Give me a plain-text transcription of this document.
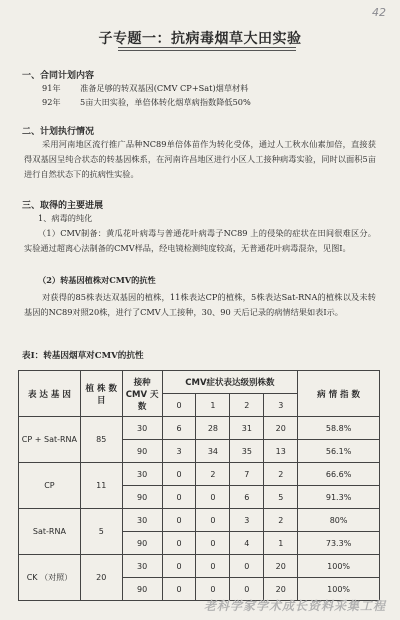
42
子专题一：抗病毒烟草大田实验
一、合同计划内容
91年 准备足够的转双基因(CMV CP+Sat)烟草材料
92年 5亩大田实验，单倍体转化烟草病指数降低50%
二、计划执行情况
采用河南地区流行推广品种NC89单倍体苗作为转化受体，通过人工秋水仙素加倍，直接获得双基因呈纯合状态的转基因株系，在河南许昌地区进行小区人工接种病毒实验，同时以面积5亩进行自然状态下的抗病性实验。
三、取得的主要进展
1、病毒的纯化
（1）CMV制备：黄瓜花叶病毒与普通花叶病毒子NC89 上的侵染的症状在田间很难区分。实验通过超离心法制备的CMV样品，经电镜检测纯度较高，无普通花叶病毒混杂，见图Ⅰ。
（2）转基因植株对CMV的抗性
对获得的85株表达双基因的植株，11株表达CP的植株，5株表达Sat-RNA的植株以及未转基因的NC89对照20株，进行了CMV人工接种，30、90 天后记录的病情结果如表Ⅰ示。
表Ⅰ：转基因烟草对CMV的抗性
表 达 基 因	植 株 数 目	接种 CMV 天数	CMV症状表达级别株数				病 情 指 数
			0	1	2	3	
CP + Sat-RNA	85	30	6	28	31	20	58.8%
		90	3	34	35	13	56.1%
CP	11	30	0	2	7	2	66.6%
		90	0	0	6	5	91.3%
Sat-RNA	5	30	0	0	3	2	80%
		90	0	0	4	1	73.3%
CK （对照）	20	30	0	0	0	20	100%
		90	0	0	0	20	100%
老科学家学术成长资料采集工程
